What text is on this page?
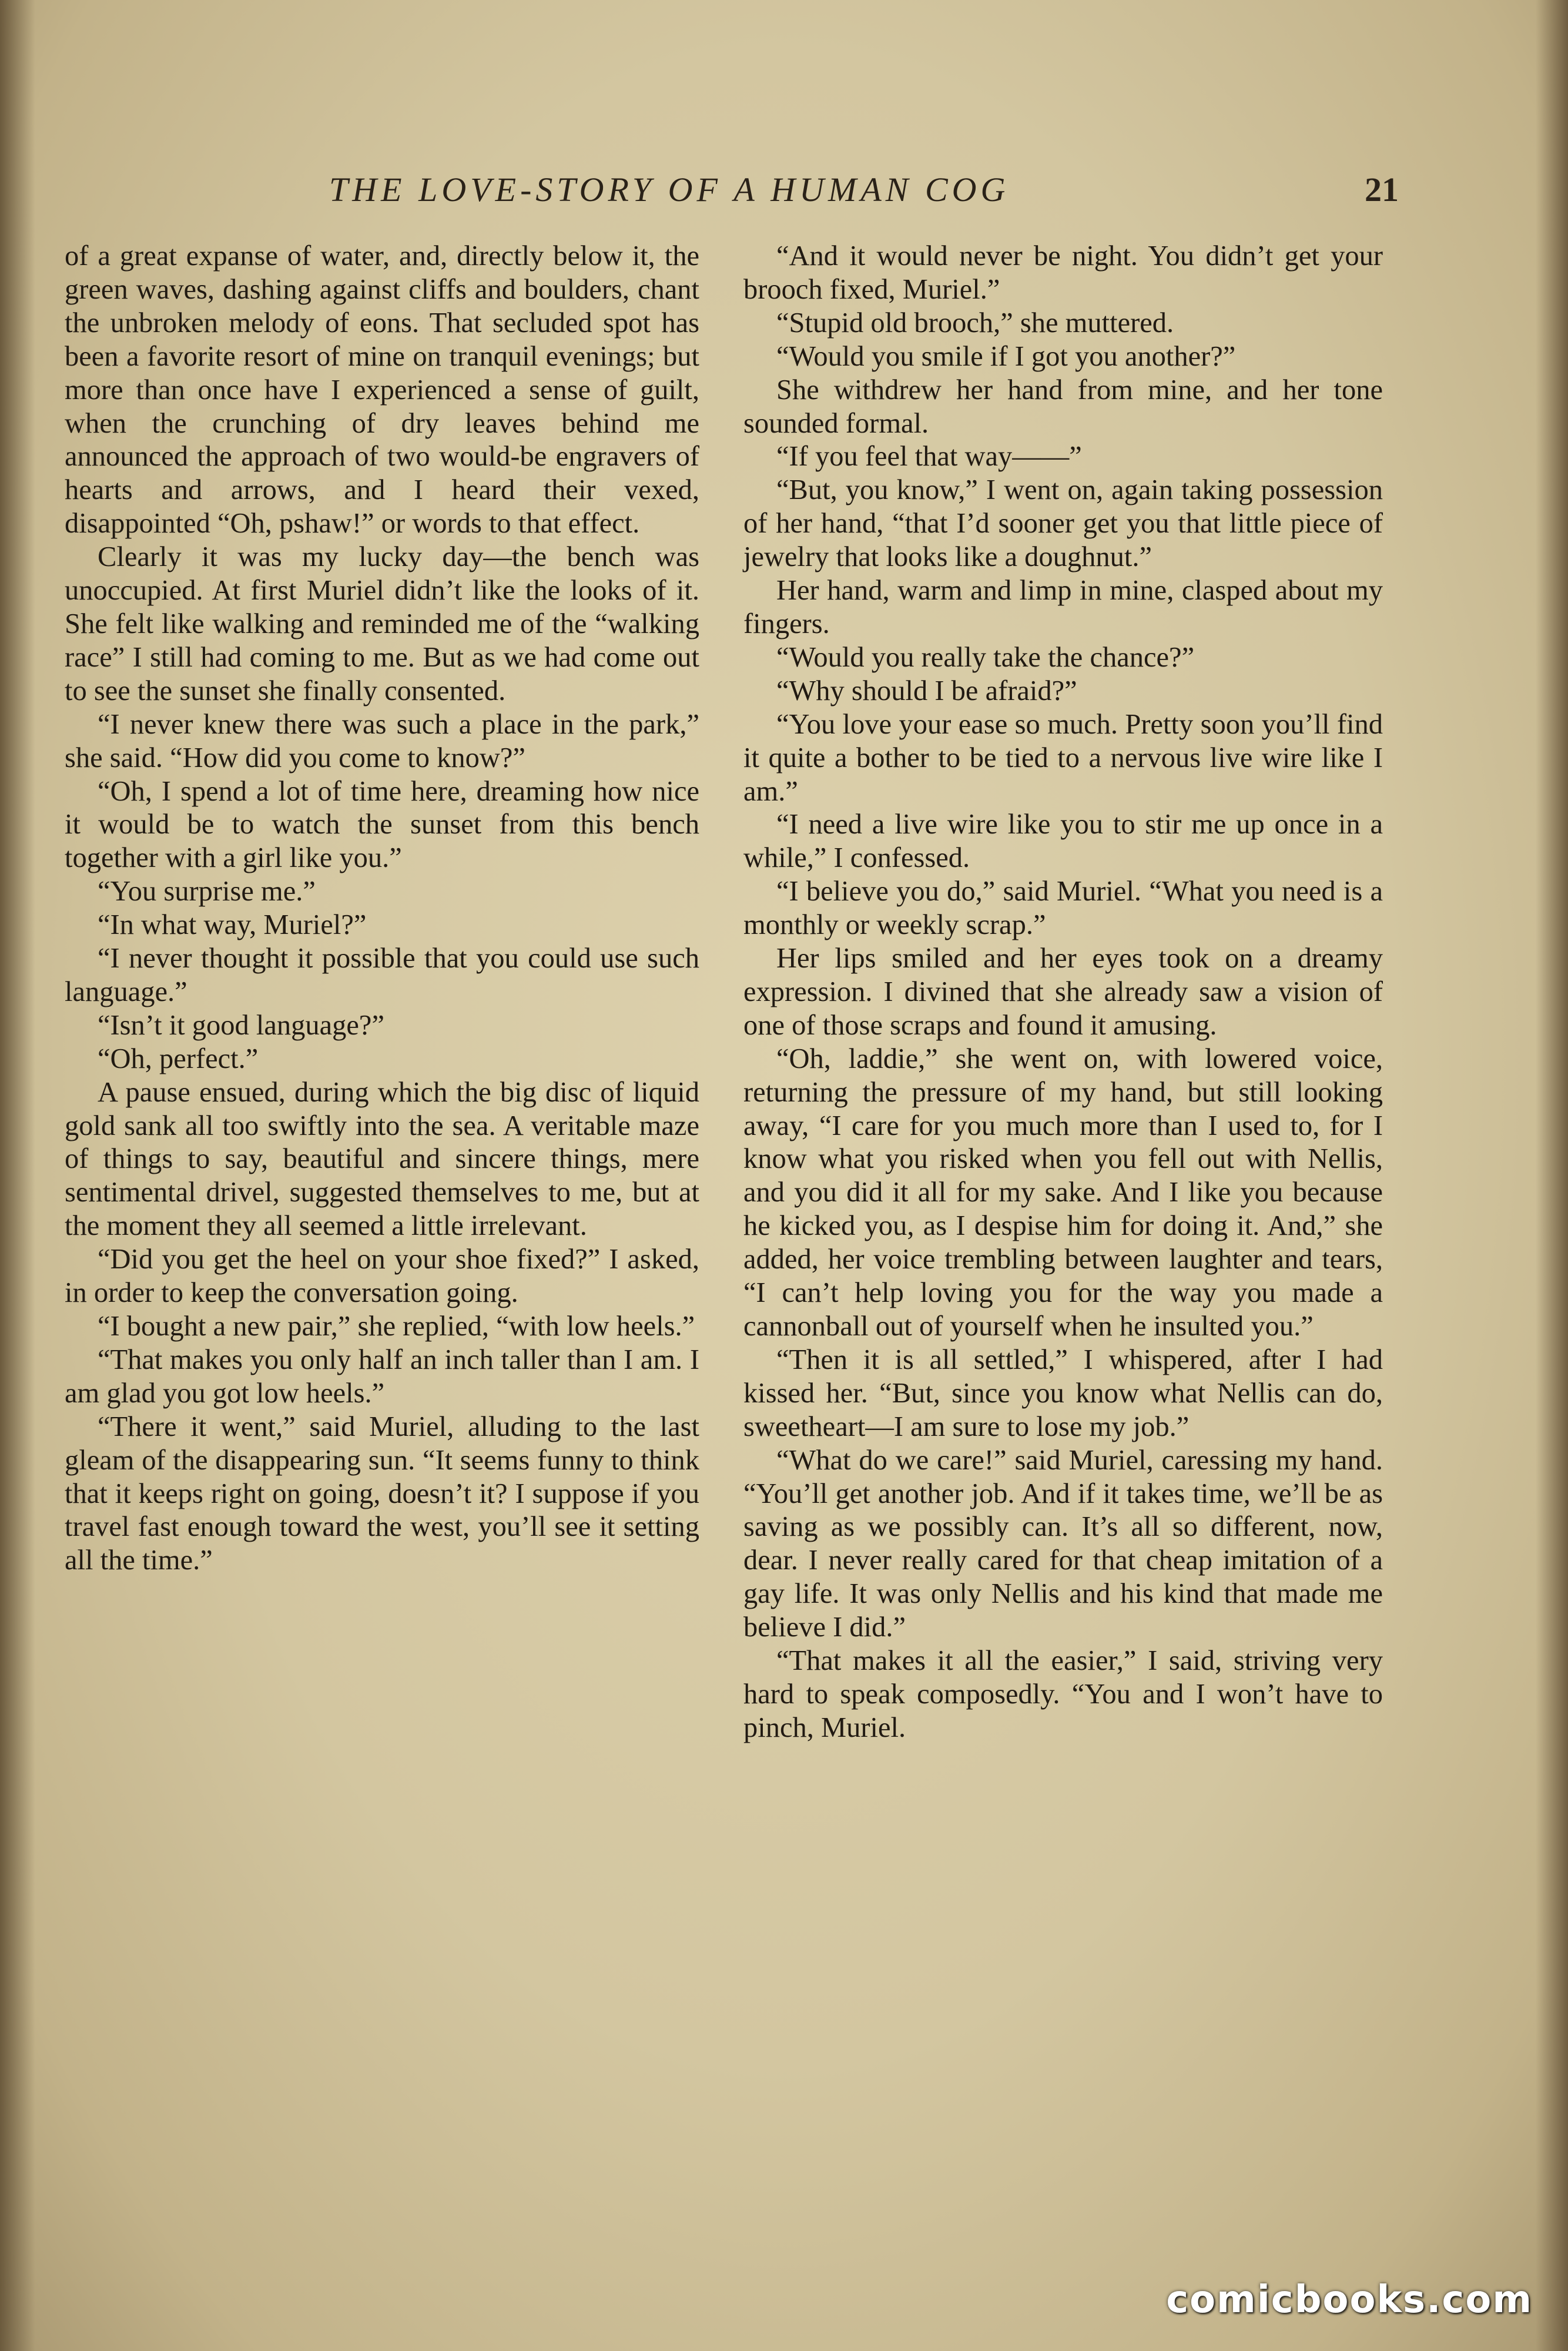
THE LOVE-STORY OF A HUMAN COG	21

of a great expanse of water, and, directly below it, the green waves, dashing against cliffs and boulders, chant the unbroken melody of eons. That secluded spot has been a favorite resort of mine on tranquil evenings; but more than once have I experienced a sense of guilt, when the crunching of dry leaves behind me announced the approach of two would-be engravers of hearts and arrows, and I heard their vexed, disappointed “Oh, pshaw!” or words to that effect.

Clearly it was my lucky day—the bench was unoccupied. At first Muriel didn’t like the looks of it. She felt like walking and reminded me of the “walking race” I still had coming to me. But as we had come out to see the sunset she finally consented.

“I never knew there was such a place in the park,” she said. “How did you come to know?”

“Oh, I spend a lot of time here, dreaming how nice it would be to watch the sunset from this bench together with a girl like you.”

“You surprise me.”

“In what way, Muriel?”

“I never thought it possible that you could use such language.”

“Isn’t it good language?”

“Oh, perfect.”

A pause ensued, during which the big disc of liquid gold sank all too swiftly into the sea. A veritable maze of things to say, beautiful and sincere things, mere sentimental drivel, suggested themselves to me, but at the moment they all seemed a little irrelevant.

“Did you get the heel on your shoe fixed?” I asked, in order to keep the conversation going.

“I bought a new pair,” she replied, “with low heels.”

“That makes you only half an inch taller than I am. I am glad you got low heels.”

“There it went,” said Muriel, alluding to the last gleam of the disappearing sun. “It seems funny to think that it keeps right on going, doesn’t it? I suppose if you travel fast enough toward the west, you’ll see it setting all the time.”

“And it would never be night. You didn’t get your brooch fixed, Muriel.”

“Stupid old brooch,” she muttered.

“Would you smile if I got you another?”

She withdrew her hand from mine, and her tone sounded formal.

“If you feel that way——”

“But, you know,” I went on, again taking possession of her hand, “that I’d sooner get you that little piece of jewelry that looks like a doughnut.”

Her hand, warm and limp in mine, clasped about my fingers.

“Would you really take the chance?”

“Why should I be afraid?”

“You love your ease so much. Pretty soon you’ll find it quite a bother to be tied to a nervous live wire like I am.”

“I need a live wire like you to stir me up once in a while,” I confessed.

“I believe you do,” said Muriel. “What you need is a monthly or weekly scrap.”

Her lips smiled and her eyes took on a dreamy expression. I divined that she already saw a vision of one of those scraps and found it amusing.

“Oh, laddie,” she went on, with lowered voice, returning the pressure of my hand, but still looking away, “I care for you much more than I used to, for I know what you risked when you fell out with Nellis, and you did it all for my sake. And I like you because he kicked you, as I despise him for doing it. And,” she added, her voice trembling between laughter and tears, “I can’t help loving you for the way you made a cannonball out of yourself when he insulted you.”

“Then it is all settled,” I whispered, after I had kissed her. “But, since you know what Nellis can do, sweetheart—I am sure to lose my job.”

“What do we care!” said Muriel, caressing my hand. “You’ll get another job. And if it takes time, we’ll be as saving as we possibly can. It’s all so different, now, dear. I never really cared for that cheap imitation of a gay life. It was only Nellis and his kind that made me believe I did.”

“That makes it all the easier,” I said, striving very hard to speak composedly. “You and I won’t have to pinch, Muriel.

comicbooks.com
